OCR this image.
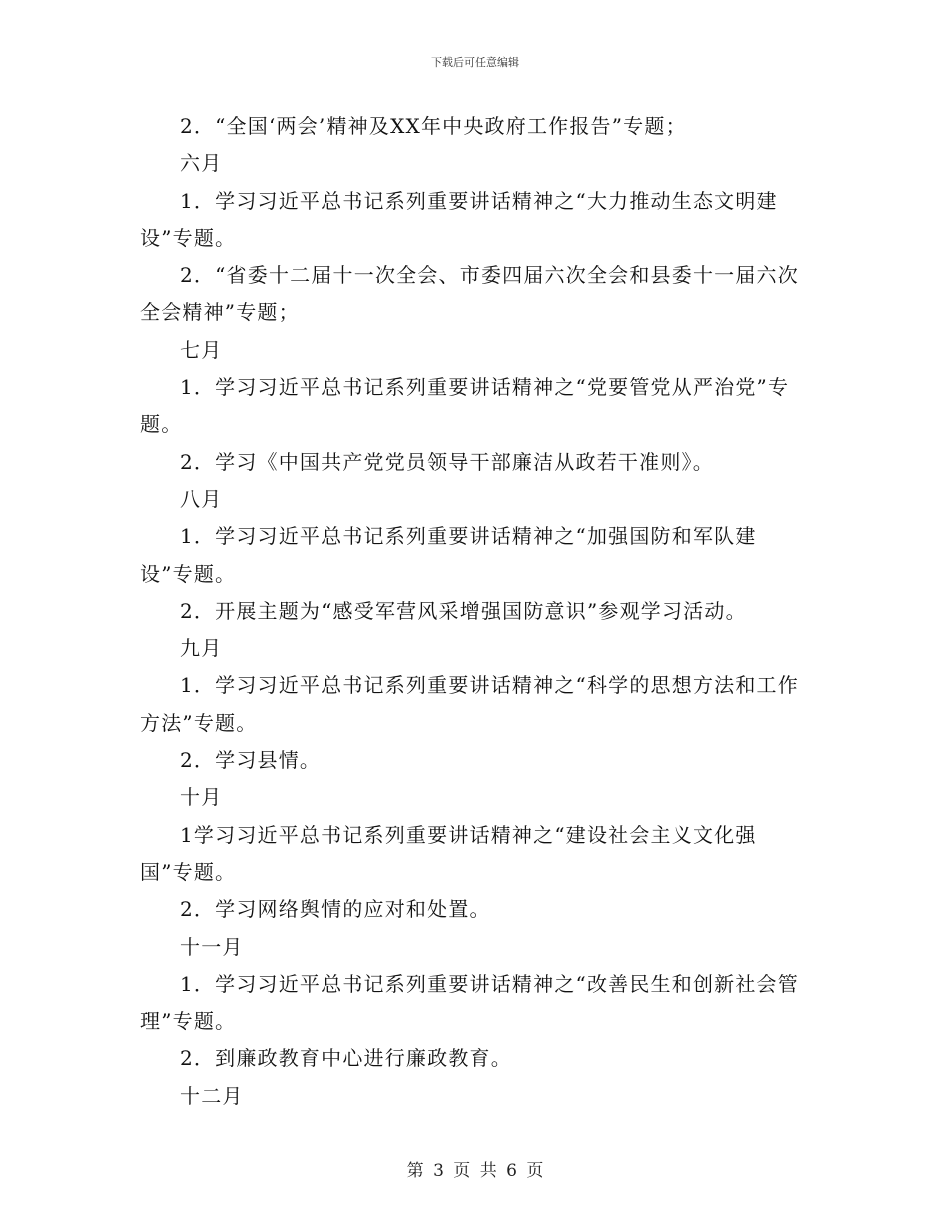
下载后可任意编辑

2．“全国‘两会’精神及XX年中央政府工作报告”专题；

六月

1．学习习近平总书记系列重要讲话精神之“大力推动生态文明建设”专题。

2．“省委十二届十一次全会、市委四届六次全会和县委十一届六次全会精神”专题；

七月

1．学习习近平总书记系列重要讲话精神之“党要管党从严治党”专题。

2．学习《中国共产党党员领导干部廉洁从政若干准则》。

八月

1．学习习近平总书记系列重要讲话精神之“加强国防和军队建设”专题。

2．开展主题为“感受军营风采增强国防意识”参观学习活动。

九月

1．学习习近平总书记系列重要讲话精神之“科学的思想方法和工作方法”专题。

2．学习县情。

十月

1学习习近平总书记系列重要讲话精神之“建设社会主义文化强国”专题。

2．学习网络舆情的应对和处置。

十一月

1．学习习近平总书记系列重要讲话精神之“改善民生和创新社会管理”专题。

2．到廉政教育中心进行廉政教育。

十二月

第 3 页 共 6 页
